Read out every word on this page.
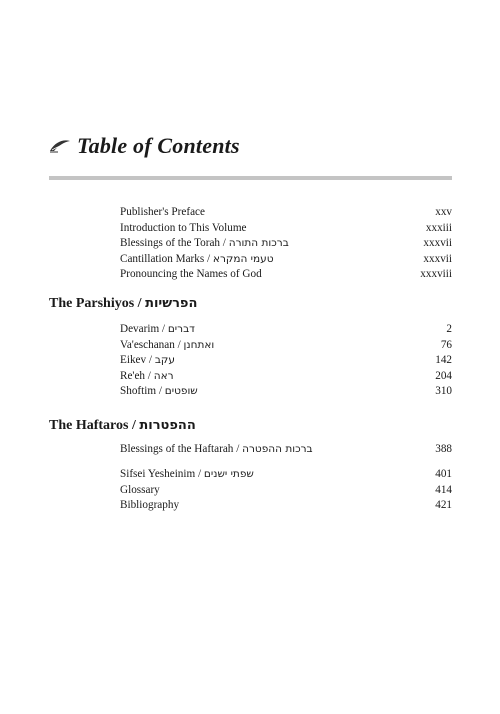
Table of Contents
Publisher's Preface	xxv
Introduction to This Volume	xxxiii
Blessings of the Torah / ברכות התורה	xxxvii
Cantillation Marks / טעמי המקרא	xxxvii
Pronouncing the Names of God	xxxviii
The Parshiyos / הפרשיות
Devarim / דברים	2
Va'eschanan / ואתחנן	76
Eikev / עקב	142
Re'eh / ראה	204
Shoftim / שופטים	310
The Haftaros / ההפטרות
Blessings of the Haftarah / ברכות ההפטרה	388
Sifsei Yesheinim / שפתי ישנים	401
Glossary	414
Bibliography	421
